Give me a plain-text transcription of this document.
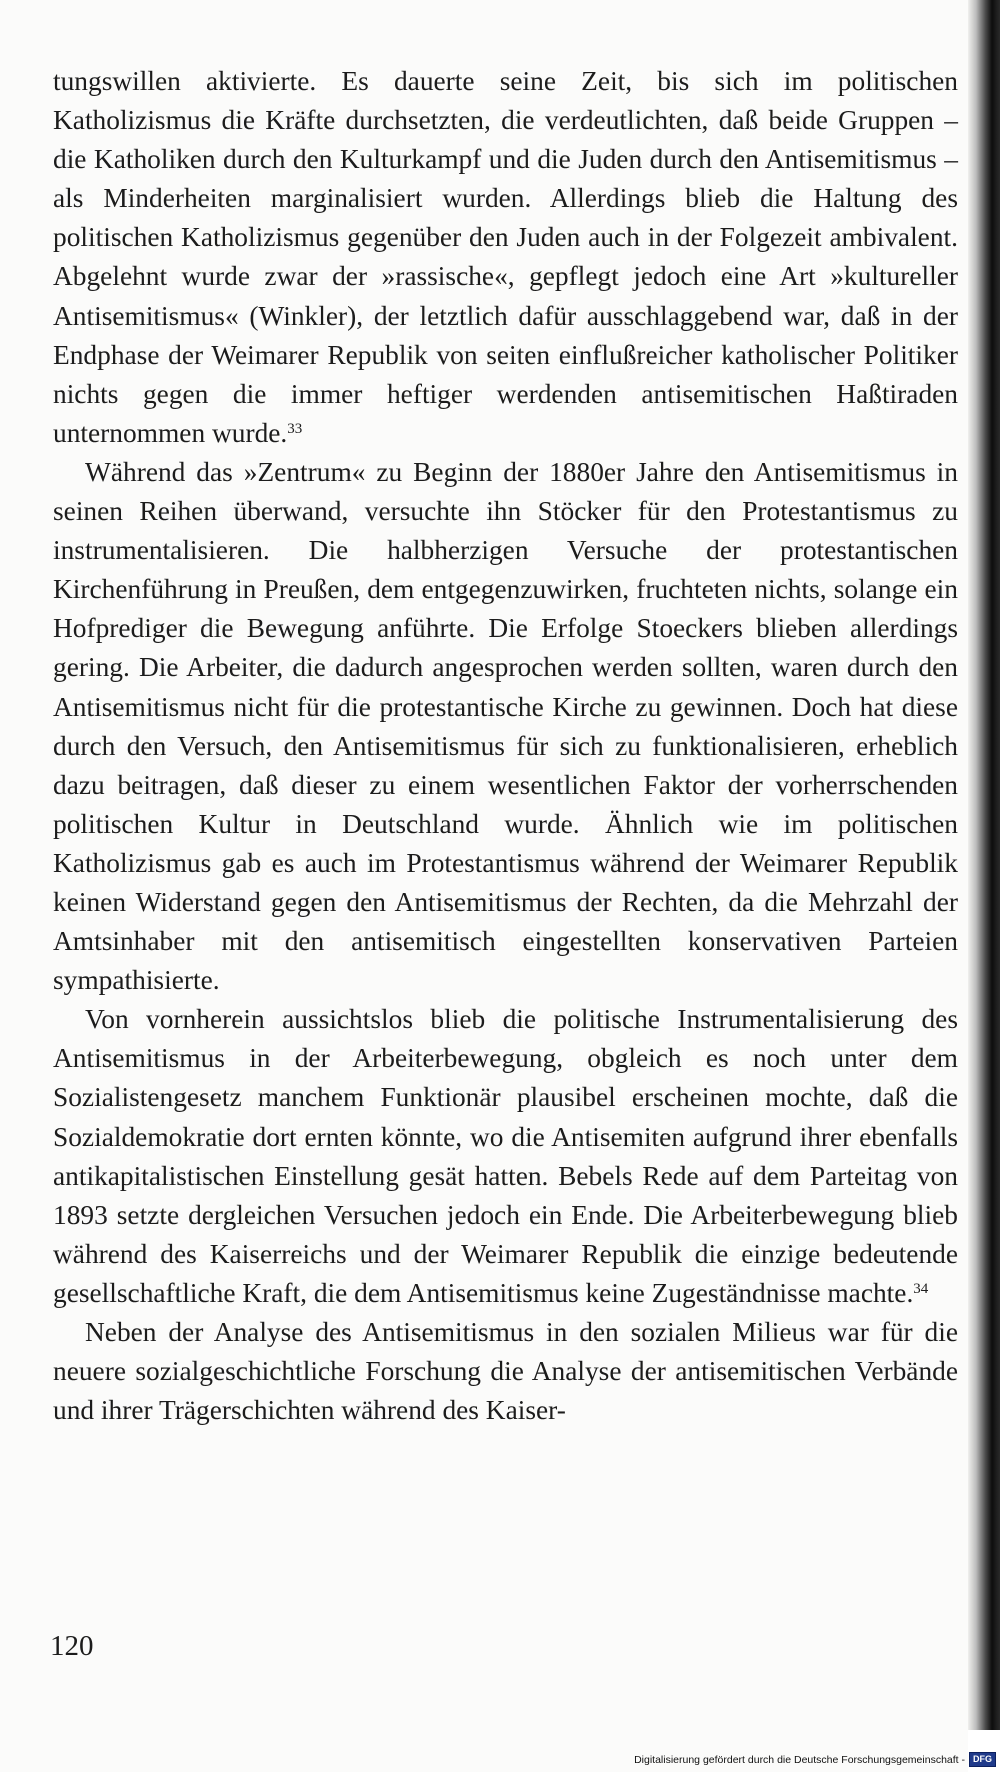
tungswillen aktivierte. Es dauerte seine Zeit, bis sich im politischen Katholizismus die Kräfte durchsetzten, die verdeutlichten, daß beide Gruppen – die Katholiken durch den Kulturkampf und die Juden durch den Antisemitismus – als Minderheiten marginalisiert wurden. Allerdings blieb die Haltung des politischen Katholizismus gegenüber den Juden auch in der Folgezeit ambivalent. Abgelehnt wurde zwar der »rassische«, gepflegt jedoch eine Art »kultureller Antisemitismus« (Winkler), der letztlich dafür ausschlaggebend war, daß in der Endphase der Weimarer Republik von seiten einflußreicher katholischer Politiker nichts gegen die immer heftiger werdenden antisemitischen Haßtiraden unternommen wurde.$^{33}$

Während das »Zentrum« zu Beginn der 1880er Jahre den Antisemitismus in seinen Reihen überwand, versuchte ihn Stöcker für den Protestantismus zu instrumentalisieren. Die halbherzigen Versuche der protestantischen Kirchenführung in Preußen, dem entgegenzuwirken, fruchteten nichts, solange ein Hofprediger die Bewegung anführte. Die Erfolge Stoeckers blieben allerdings gering. Die Arbeiter, die dadurch angesprochen werden sollten, waren durch den Antisemitismus nicht für die protestantische Kirche zu gewinnen. Doch hat diese durch den Versuch, den Antisemitismus für sich zu funktionalisieren, erheblich dazu beitragen, daß dieser zu einem wesentlichen Faktor der vorherrschenden politischen Kultur in Deutschland wurde. Ähnlich wie im politischen Katholizismus gab es auch im Protestantismus während der Weimarer Republik keinen Widerstand gegen den Antisemitismus der Rechten, da die Mehrzahl der Amtsinhaber mit den antisemitisch eingestellten konservativen Parteien sympathisierte.

Von vornherein aussichtslos blieb die politische Instrumentalisierung des Antisemitismus in der Arbeiterbewegung, obgleich es noch unter dem Sozialistengesetz manchem Funktionär plausibel erscheinen mochte, daß die Sozialdemokratie dort ernten könnte, wo die Antisemiten aufgrund ihrer ebenfalls antikapitalistischen Einstellung gesät hatten. Bebels Rede auf dem Parteitag von 1893 setzte dergleichen Versuchen jedoch ein Ende. Die Arbeiterbewegung blieb während des Kaiserreichs und der Weimarer Republik die einzige bedeutende gesellschaftliche Kraft, die dem Antisemitismus keine Zugeständnisse machte.$^{34}$

Neben der Analyse des Antisemitismus in den sozialen Milieus war für die neuere sozialgeschichtliche Forschung die Analyse der antisemitischen Verbände und ihrer Trägerschichten während des Kaiser-

120
Digitalisierung gefördert durch die Deutsche Forschungsgemeinschaft - DFG
